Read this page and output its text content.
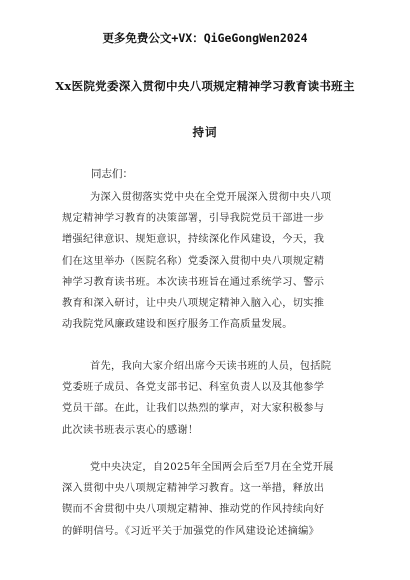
更多免费公文+VX：QiGeGongWen2024
Xx医院党委深入贯彻中央八项规定精神学习教育读书班主
持词
同志们：
为深入贯彻落实党中央在全党开展深入贯彻中央八项
规定精神学习教育的决策部署，引导我院党员干部进一步
增强纪律意识、规矩意识，持续深化作风建设，今天，我
们在这里举办（医院名称）党委深入贯彻中央八项规定精
神学习教育读书班。本次读书班旨在通过系统学习、警示
教育和深入研讨，让中央八项规定精神入脑入心，切实推
动我院党风廉政建设和医疗服务工作高质量发展。
首先，我向大家介绍出席今天读书班的人员，包括院
党委班子成员、各党支部书记、科室负责人以及其他参学
党员干部。在此，让我们以热烈的掌声，对大家积极参与
此次读书班表示衷心的感谢！
党中央决定，自2025年全国两会后至7月在全党开展
深入贯彻中央八项规定精神学习教育。这一举措，释放出
锲而不舍贯彻中央八项规定精神、推动党的作风持续向好
的鲜明信号。《习近平关于加强党的作风建设论述摘编》
